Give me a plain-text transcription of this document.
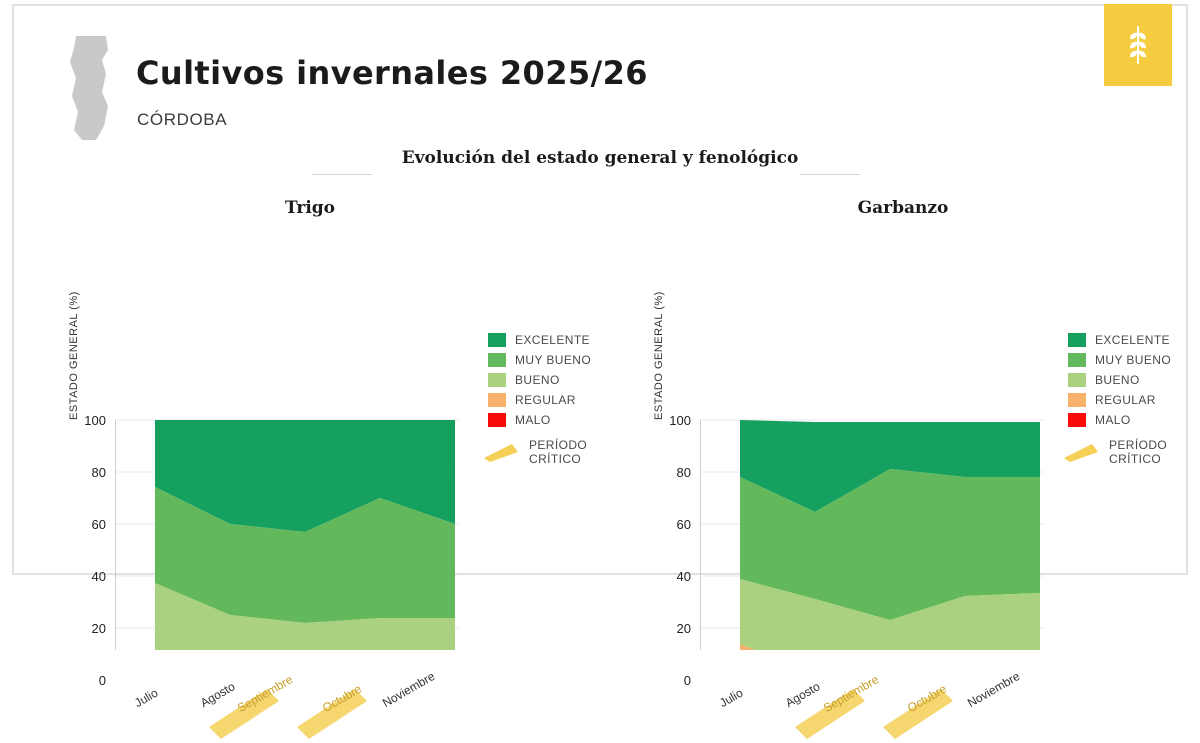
Cultivos invernales 2025/26
CÓRDOBA
Evolución del estado general y fenológico
Trigo
ESTADO GENERAL (%)
100
80
60
40
20
0
Julio	Agosto
Septiembre Octubre Noviembre
EXCELENTE
MUY BUENO
BUENO
REGULAR
MALO
PERÍODO
CRÍTICO
Garbanzo
ESTADO GENERAL (%)
100
80
60
40
20
0
Julio	Agosto
Septiembre Octubre Noviembre
EXCELENTE
MUY BUENO
BUENO
REGULAR
MALO
PERÍODO
CRÍTICO
